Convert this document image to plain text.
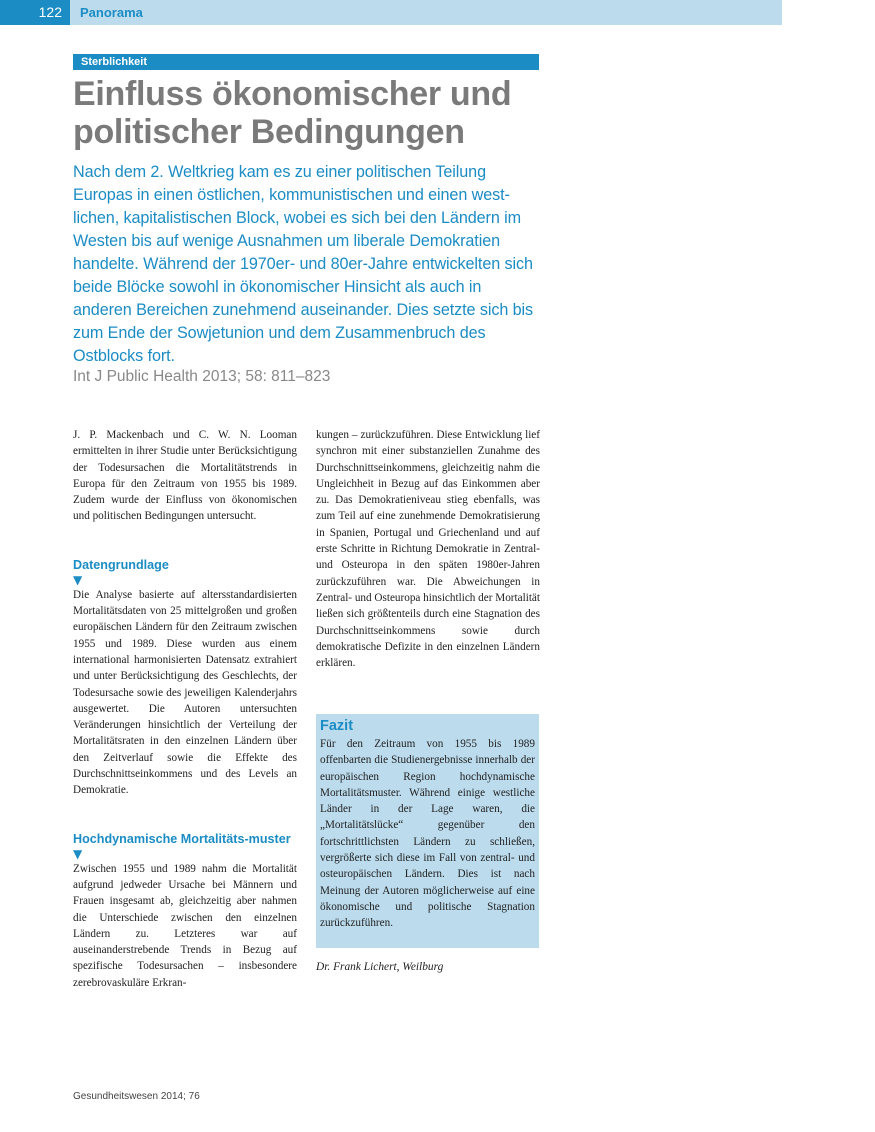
122	Panorama
Sterblichkeit
Einfluss ökonomischer und
politischer Bedingungen

Nach dem 2. Weltkrieg kam es zu einer politischen Teilung Europas in einen östlichen, kommunistischen und einen west-lichen, kapitalistischen Block, wobei es sich bei den Ländern im Westen bis auf wenige Ausnahmen um liberale Demokratien handelte. Während der 1970er- und 80er-Jahre entwickelten sich beide Blöcke sowohl in ökonomischer Hinsicht als auch in anderen Bereichen zunehmend auseinander. Dies setzte sich bis zum Ende der Sowjetunion und dem Zusammenbruch des Ostblocks fort.

Int J Public Health 2013; 58: 811–823

J. P. Mackenbach und C. W. N. Looman ermittelten in ihrer Studie unter Berücksichtigung der Todesursachen die Mortalitätstrends in Europa für den Zeitraum von 1955 bis 1989. Zudem wurde der Einfluss von ökonomischen und politischen Bedingungen untersucht.

Datengrundlage
▼

Die Analyse basierte auf altersstandardisierten Mortalitätsdaten von 25 mittelgroßen und großen europäischen Ländern für den Zeitraum zwischen 1955 und 1989. Diese wurden aus einem international harmonisierten Datensatz extrahiert und unter Berücksichtigung des Geschlechts, der Todesursache sowie des jeweiligen Kalenderjahrs ausgewertet. Die Autoren untersuchten Veränderungen hinsichtlich der Verteilung der Mortalitätsraten in den einzelnen Ländern über den Zeitverlauf sowie die Effekte des Durchschnittseinkommens und des Levels an Demokratie.

Hochdynamische Mortalitäts-muster
▼

Zwischen 1955 und 1989 nahm die Mortalität aufgrund jedweder Ursache bei Männern und Frauen insgesamt ab, gleichzeitig aber nahmen die Unterschiede zwischen den einzelnen Ländern zu. Letzteres war auf auseinanderstrebende Trends in Bezug auf spezifische Todesursachen – insbesondere zerebrovaskuläre Erkran-

kungen – zurückzuführen. Diese Entwicklung lief synchron mit einer substanziellen Zunahme des Durchschnittseinkommens, gleichzeitig nahm die Ungleichheit in Bezug auf das Einkommen aber zu. Das Demokratieniveau stieg ebenfalls, was zum Teil auf eine zunehmende Demokratisierung in Spanien, Portugal und Griechenland und auf erste Schritte in Richtung Demokratie in Zentral- und Osteuropa in den späten 1980er-Jahren zurückzuführen war. Die Abweichungen in Zentral- und Osteuropa hinsichtlich der Mortalität ließen sich größtenteils durch eine Stagnation des Durchschnittseinkommens sowie durch demokratische Defizite in den einzelnen Ländern erklären.

Fazit

Für den Zeitraum von 1955 bis 1989 offenbarten die Studienergebnisse innerhalb der europäischen Region hochdynamische Mortalitätsmuster. Während einige westliche Länder in der Lage waren, die „Mortalitätslücke“ gegenüber den fortschrittlichsten Ländern zu schließen, vergrößerte sich diese im Fall von zentral- und osteuropäischen Ländern. Dies ist nach Meinung der Autoren möglicherweise auf eine ökonomische und politische Stagnation zurückzuführen.

Dr. Frank Lichert, Weilburg
Gesundheitswesen 2014; 76
